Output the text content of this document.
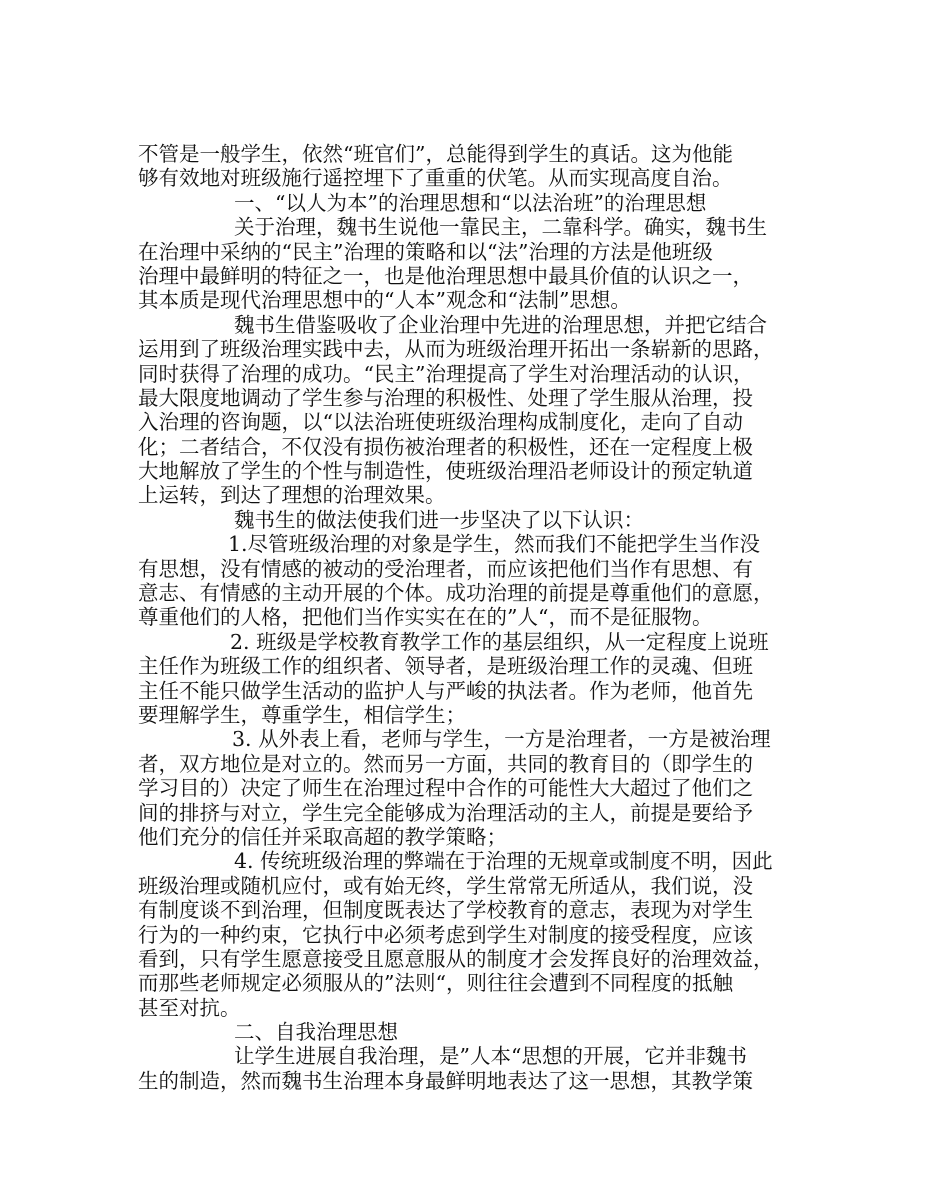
不管是一般学生，依然“班官们”，总能得到学生的真话。这为他能
够有效地对班级施行遥控埋下了重重的伏笔。从而实现高度自治。
一、“以人为本”的治理思想和“以法治班”的治理思想
关于治理，魏书生说他一靠民主，二靠科学。确实，魏书生
在治理中采纳的“民主”治理的策略和以“法”治理的方法是他班级
治理中最鲜明的特征之一，也是他治理思想中最具价值的认识之一，
其本质是现代治理思想中的“人本”观念和“法制”思想。
魏书生借鉴吸收了企业治理中先进的治理思想，并把它结合
运用到了班级治理实践中去，从而为班级治理开拓出一条崭新的思路，
同时获得了治理的成功。“民主”治理提高了学生对治理活动的认识，
最大限度地调动了学生参与治理的积极性、处理了学生服从治理，投
入治理的咨询题，以“以法治班使班级治理构成制度化，走向了自动
化；二者结合，不仅没有损伤被治理者的积极性，还在一定程度上极
大地解放了学生的个性与制造性，使班级治理沿老师设计的预定轨道
上运转，到达了理想的治理效果。
魏书生的做法使我们进一步坚决了以下认识：
1.尽管班级治理的对象是学生，然而我们不能把学生当作没
有思想，没有情感的被动的受治理者，而应该把他们当作有思想、有
意志、有情感的主动开展的个体。成功治理的前提是尊重他们的意愿，
尊重他们的人格，把他们当作实实在在的”人“，而不是征服物。
2. 班级是学校教育教学工作的基层组织，从一定程度上说班
主任作为班级工作的组织者、领导者，是班级治理工作的灵魂、但班
主任不能只做学生活动的监护人与严峻的执法者。作为老师，他首先
要理解学生，尊重学生，相信学生；
3. 从外表上看，老师与学生，一方是治理者，一方是被治理
者，双方地位是对立的。然而另一方面，共同的教育目的（即学生的
学习目的）决定了师生在治理过程中合作的可能性大大超过了他们之
间的排挤与对立，学生完全能够成为治理活动的主人，前提是要给予
他们充分的信任并采取高超的教学策略；
4. 传统班级治理的弊端在于治理的无规章或制度不明，因此
班级治理或随机应付，或有始无终，学生常常无所适从，我们说，没
有制度谈不到治理，但制度既表达了学校教育的意志，表现为对学生
行为的一种约束，它执行中必须考虑到学生对制度的接受程度，应该
看到，只有学生愿意接受且愿意服从的制度才会发挥良好的治理效益，
而那些老师规定必须服从的”法则“，则往往会遭到不同程度的抵触
甚至对抗。
二、自我治理思想
让学生进展自我治理，是”人本“思想的开展，它并非魏书
生的制造，然而魏书生治理本身最鲜明地表达了这一思想，其教学策
